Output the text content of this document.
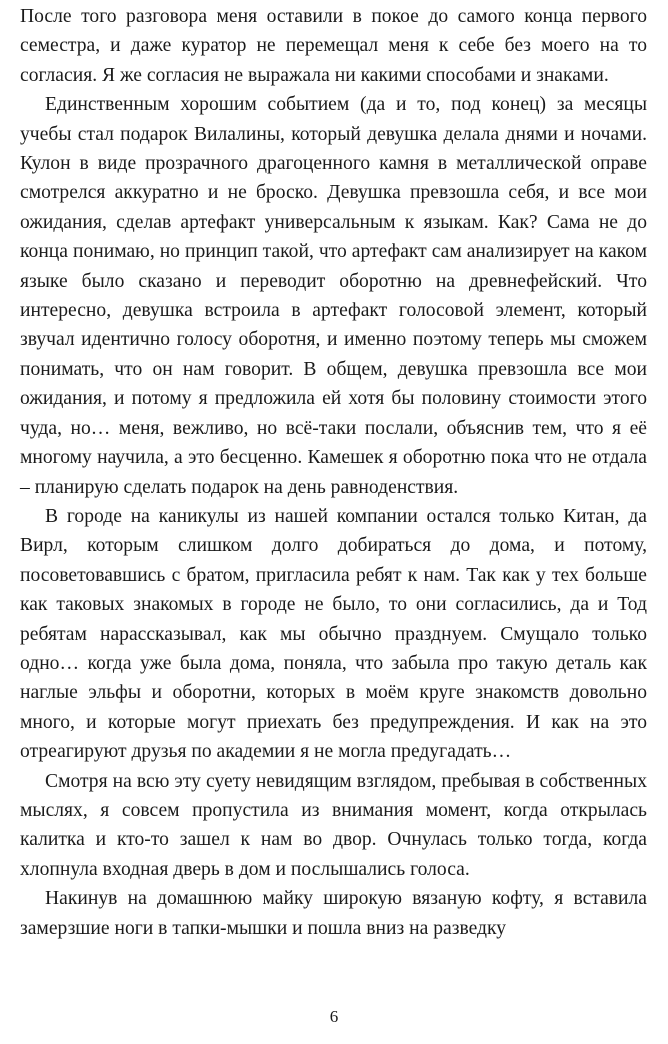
После того разговора меня оставили в покое до самого конца первого семестра, и даже куратор не перемещал меня к себе без моего на то согласия. Я же согласия не выражала ни какими способами и знаками.

Единственным хорошим событием (да и то, под конец) за месяцы учебы стал подарок Вилалины, который девушка делала днями и ночами. Кулон в виде прозрачного драгоценного камня в металлической оправе смотрелся аккуратно и не броско. Девушка превзошла себя, и все мои ожидания, сделав артефакт универсальным к языкам. Как? Сама не до конца понимаю, но принцип такой, что артефакт сам анализирует на каком языке было сказано и переводит оборотню на древнефейский. Что интересно, девушка встроила в артефакт голосовой элемент, который звучал идентично голосу оборотня, и именно поэтому теперь мы сможем понимать, что он нам говорит. В общем, девушка превзошла все мои ожидания, и потому я предложила ей хотя бы половину стоимости этого чуда, но… меня, вежливо, но всё-таки послали, объяснив тем, что я её многому научила, а это бесценно. Камешек я оборотню пока что не отдала – планирую сделать подарок на день равноденствия.

В городе на каникулы из нашей компании остался только Китан, да Вирл, которым слишком долго добираться до дома, и потому, посоветовавшись с братом, пригласила ребят к нам. Так как у тех больше как таковых знакомых в городе не было, то они согласились, да и Тод ребятам нарассказывал, как мы обычно празднуем. Смущало только одно… когда уже была дома, поняла, что забыла про такую деталь как наглые эльфы и оборотни, которых в моём круге знакомств довольно много, и которые могут приехать без предупреждения. И как на это отреагируют друзья по академии я не могла предугадать…

Смотря на всю эту суету невидящим взглядом, пребывая в собственных мыслях, я совсем пропустила из внимания момент, когда открылась калитка и кто-то зашел к нам во двор. Очнулась только тогда, когда хлопнула входная дверь в дом и послышались голоса.

Накинув на домашнюю майку широкую вязаную кофту, я вставила замерзшие ноги в тапки-мышки и пошла вниз на разведку

6
